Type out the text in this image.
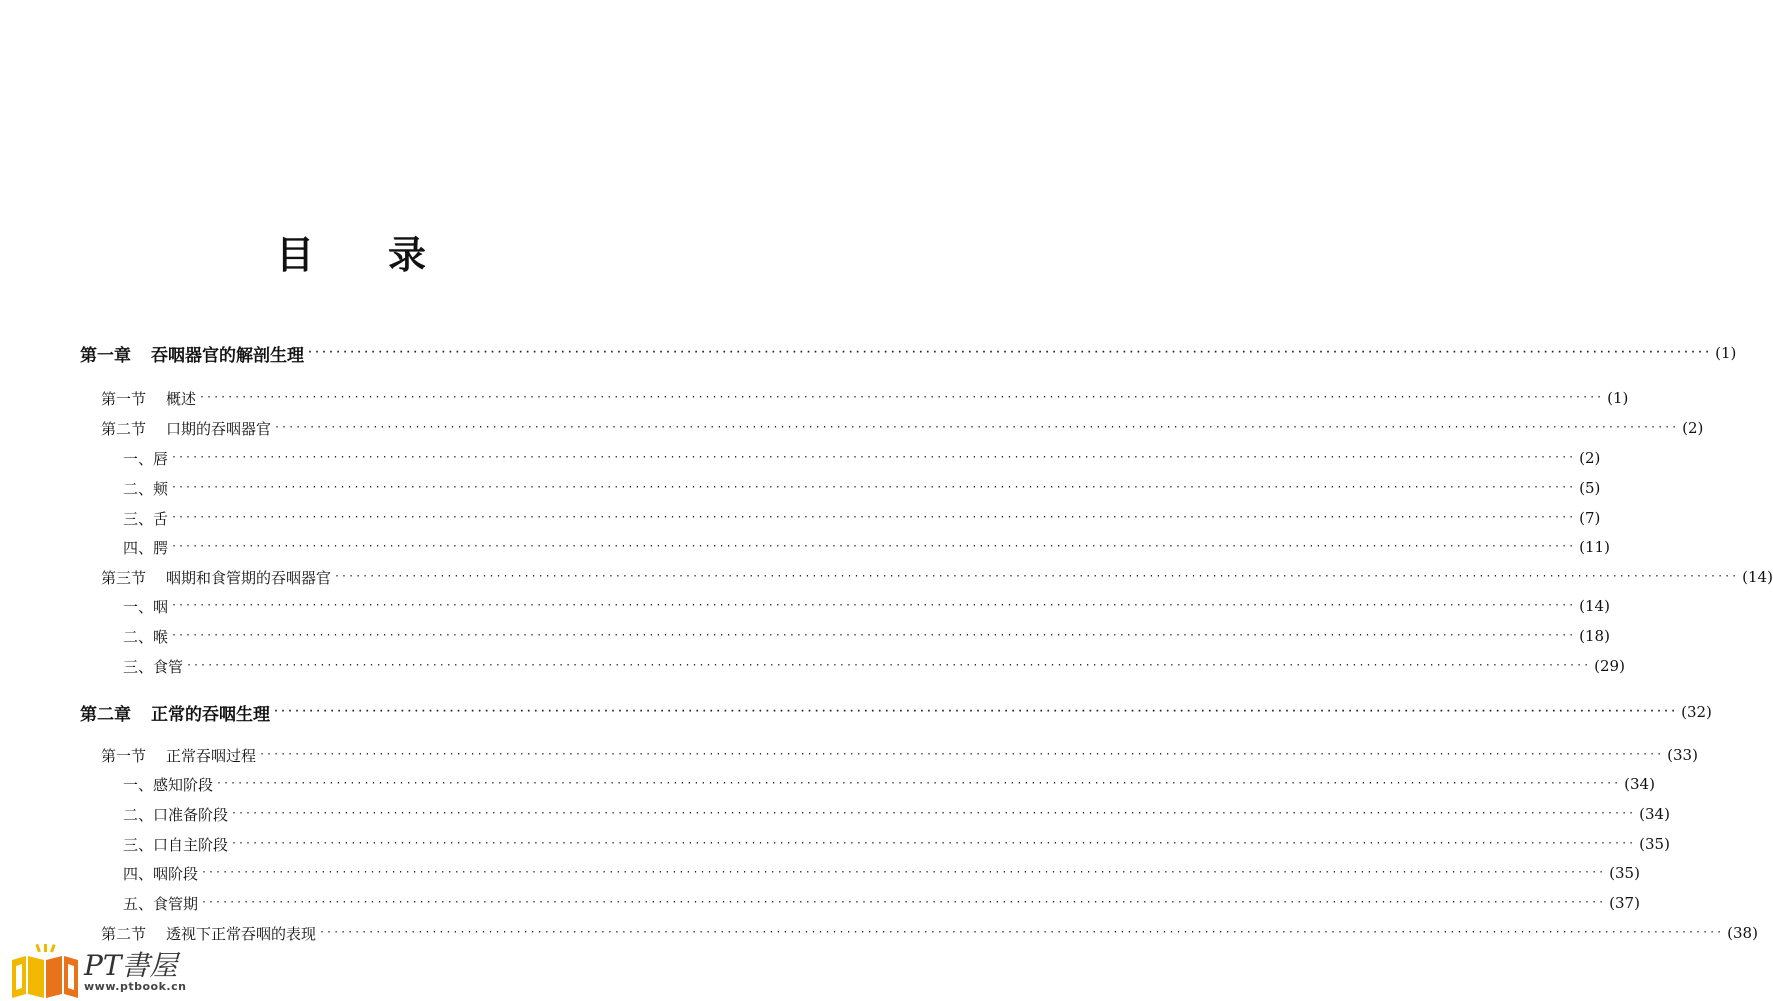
目 录
第一章 吞咽器官的解剖生理 ········································································································································································································ (1)
第一节 概述 ········································································································································································································ (1)
第二节 口期的吞咽器官 ········································································································································································································ (2)
一、唇 ········································································································································································································ (2)
二、颊 ········································································································································································································ (5)
三、舌 ········································································································································································································ (7)
四、腭 ········································································································································································································ (11)
第三节 咽期和食管期的吞咽器官 ········································································································································································································ (14)
一、咽 ········································································································································································································ (14)
二、喉 ········································································································································································································ (18)
三、食管 ········································································································································································································ (29)
第二章 正常的吞咽生理 ········································································································································································································ (32)
第一节 正常吞咽过程 ········································································································································································································ (33)
一、感知阶段 ········································································································································································································ (34)
二、口准备阶段 ········································································································································································································ (34)
三、口自主阶段 ········································································································································································································ (35)
四、咽阶段 ········································································································································································································ (35)
五、食管期 ········································································································································································································ (37)
第二节 透视下正常吞咽的表现 ········································································································································································································ (38)
PT書屋
www.ptbook.cn
